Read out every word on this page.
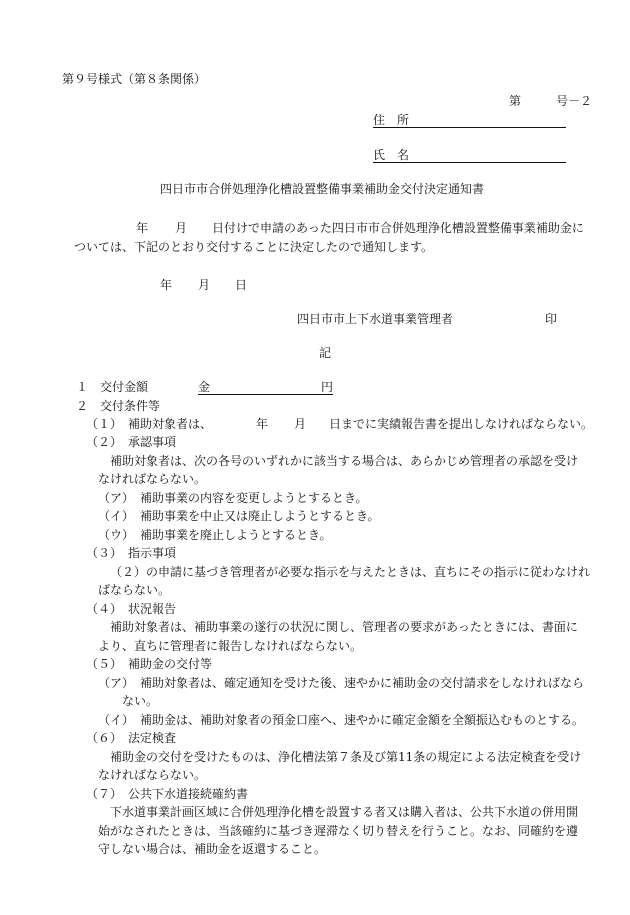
第９号様式（第８条関係）
第	号－２
住　所
氏　名
四日市市合併処理浄化槽設置整備事業補助金交付決定通知書
年 月 日付けで申請のあった四日市市合併処理浄化槽設置整備事業補助金に
ついては、下記のとおり交付することに決定したので通知します。
年 月 日
四日市市上下水道事業管理者	印
記
１　交付金額	金	円
２　交付条件等
（１）　補助対象者は、	年 月 日までに実績報告書を提出しなければならない。
（２）　承認事項
補助対象者は、次の各号のいずれかに該当する場合は、あらかじめ管理者の承認を受け
なければならない。
（ア）　補助事業の内容を変更しようとするとき。
（イ）　補助事業を中止又は廃止しようとするとき。
（ウ）　補助事業を廃止しようとするとき。
（３）　指示事項
（２）の申請に基づき管理者が必要な指示を与えたときは、直ちにその指示に従わなけれ
ばならない。
（４）　状況報告
補助対象者は、補助事業の遂行の状況に関し、管理者の要求があったときには、書面に
より、直ちに管理者に報告しなければならない。
（５）　補助金の交付等
（ア）　補助対象者は、確定通知を受けた後、速やかに補助金の交付請求をしなければなら
ない。
（イ）　補助金は、補助対象者の預金口座へ、速やかに確定金額を全額振込むものとする。
（６）　法定検査
補助金の交付を受けたものは、浄化槽法第７条及び第11条の規定による法定検査を受け
なければならない。
（７）　公共下水道接続確約書
下水道事業計画区域に合併処理浄化槽を設置する者又は購入者は、公共下水道の併用開
始がなされたときは、当該確約に基づき遅滞なく切り替えを行うこと。なお、同確約を遵
守しない場合は、補助金を返還すること。
